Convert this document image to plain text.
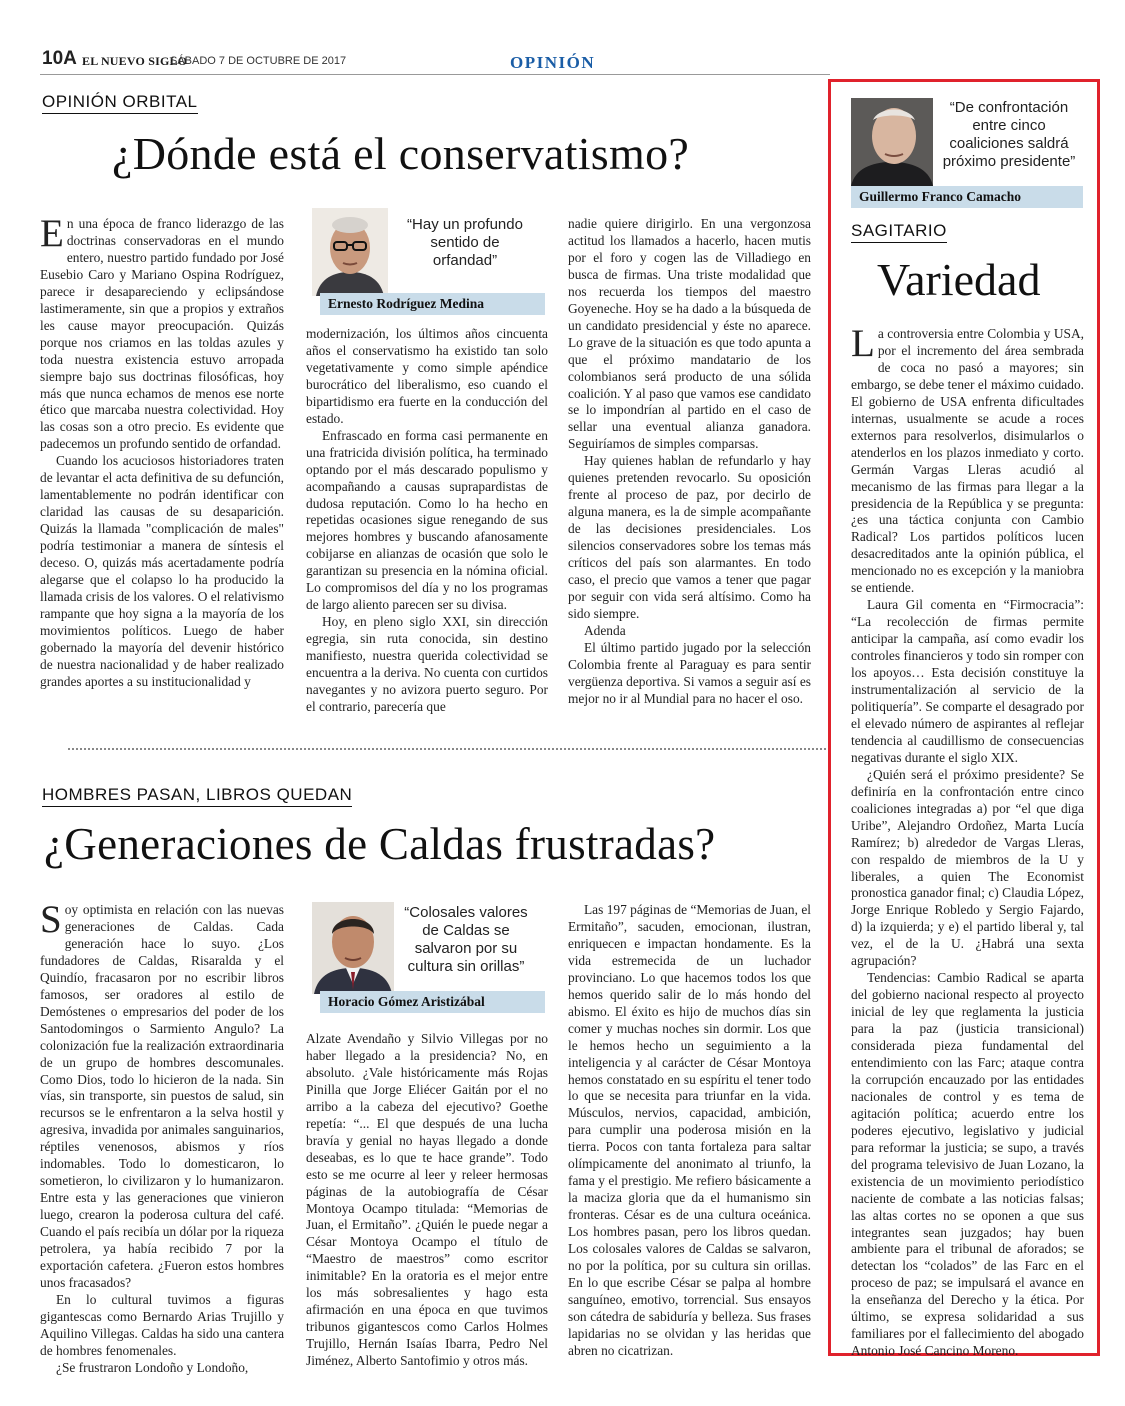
10A EL NUEVO SIGLO
SÁBADO 7 DE OCTUBRE DE 2017	OPINIÓN
OPINIÓN ORBITAL
¿Dónde está el conservatismo?

En una época de franco liderazgo de las doctrinas conservadoras en el mundo entero, nuestro partido fundado por José Eusebio Caro y Mariano Ospina Rodríguez, parece ir desapareciendo y eclipsándose lastimeramente, sin que a propios y extraños les cause mayor preocupación. Quizás porque nos criamos en las toldas azules y toda nuestra existencia estuvo arropada siempre bajo sus doctrinas filosóficas, hoy más que nunca echamos de menos ese norte ético que marcaba nuestra colectividad. Hoy las cosas son a otro precio. Es evidente que padecemos un profundo sentido de orfandad.

Cuando los acuciosos historiadores traten de levantar el acta definitiva de su defunción, lamentablemente no podrán identificar con claridad las causas de su desaparición. Quizás la llamada "complicación de males" podría testimoniar a manera de síntesis el deceso. O, quizás más acertadamente podría alegarse que el colapso lo ha producido la llamada crisis de los valores. O el relativismo rampante que hoy signa a la mayoría de los movimientos políticos. Luego de haber gobernado la mayoría del devenir histórico de nuestra nacionalidad y de haber realizado grandes aportes a su institucionalidad y

“Hay un profundo sentido de orfandad”
Ernesto Rodríguez Medina

modernización, los últimos años cincuenta años el conservatismo ha existido tan solo vegetativamente y como simple apéndice burocrático del liberalismo, eso cuando el bipartidismo era fuerte en la conducción del estado.

Enfrascado en forma casi permanente en una fratricida división política, ha terminado optando por el más descarado populismo y acompañando a causas suprapardistas de dudosa reputación. Como lo ha hecho en repetidas ocasiones sigue renegando de sus mejores hombres y buscando afanosamente cobijarse en alianzas de ocasión que solo le garantizan su presencia en la nómina oficial. Lo compromisos del día y no los programas de largo aliento parecen ser su divisa.

Hoy, en pleno siglo XXI, sin dirección egregia, sin ruta conocida, sin destino manifiesto, nuestra querida colectividad se encuentra a la deriva. No cuenta con curtidos navegantes y no avizora puerto seguro. Por el contrario, parecería que

nadie quiere dirigirlo. En una vergonzosa actitud los llamados a hacerlo, hacen mutis por el foro y cogen las de Villadiego en busca de firmas. Una triste modalidad que nos recuerda los tiempos del maestro Goyeneche. Hoy se ha dado a la búsqueda de un candidato presidencial y éste no aparece. Lo grave de la situación es que todo apunta a que el próximo mandatario de los colombianos será producto de una sólida coalición. Y al paso que vamos ese candidato se lo impondrían al partido en el caso de sellar una eventual alianza ganadora. Seguiríamos de simples comparsas.

Hay quienes hablan de refundarlo y hay quienes pretenden revocarlo. Su oposición frente al proceso de paz, por decirlo de alguna manera, es la de simple acompañante de las decisiones presidenciales. Los silencios conservadores sobre los temas más críticos del país son alarmantes. En todo caso, el precio que vamos a tener que pagar por seguir con vida será altísimo. Como ha sido siempre.

Adenda

El último partido jugado por la selección Colombia frente al Paraguay es para sentir vergüenza deportiva. Si vamos a seguir así es mejor no ir al Mundial para no hacer el oso.

HOMBRES PASAN, LIBROS QUEDAN
¿Generaciones de Caldas frustradas?

Soy optimista en relación con las nuevas generaciones de Caldas. Cada generación hace lo suyo. ¿Los fundadores de Caldas, Risaralda y el Quindío, fracasaron por no escribir libros famosos, ser oradores al estilo de Demóstenes o empresarios del poder de los Santodomingos o Sarmiento Angulo? La colonización fue la realización extraordinaria de un grupo de hombres descomunales. Como Dios, todo lo hicieron de la nada. Sin vías, sin transporte, sin puestos de salud, sin recursos se le enfrentaron a la selva hostil y agresiva, invadida por animales sanguinarios, réptiles venenosos, abismos y ríos indomables. Todo lo domesticaron, lo sometieron, lo civilizaron y lo humanizaron. Entre esta y las generaciones que vinieron luego, crearon la poderosa cultura del café. Cuando el país recibía un dólar por la riqueza petrolera, ya había recibido 7 por la exportación cafetera. ¿Fueron estos hombres unos fracasados?

En lo cultural tuvimos a figuras gigantescas como Bernardo Arias Trujillo y Aquilino Villegas. Caldas ha sido una cantera de hombres fenomenales.

¿Se frustraron Londoño y Londoño,

“Colosales valores de Caldas se salvaron por su cultura sin orillas”
Horacio Gómez Aristizábal

Alzate Avendaño y Silvio Villegas por no haber llegado a la presidencia? No, en absoluto. ¿Vale históricamente más Rojas Pinilla que Jorge Eliécer Gaitán por el no arribo a la cabeza del ejecutivo? Goethe repetía: “... El que después de una lucha bravía y genial no hayas llegado a donde deseabas, es lo que te hace grande”. Todo esto se me ocurre al leer y releer hermosas páginas de la autobiografía de César Montoya Ocampo titulada: “Memorias de Juan, el Ermitaño”. ¿Quién le puede negar a César Montoya Ocampo el título de “Maestro de maestros” como escritor inimitable? En la oratoria es el mejor entre los más sobresalientes y hago esta afirmación en una época en que tuvimos tribunos gigantescos como Carlos Holmes Trujillo, Hernán Isaías Ibarra, Pedro Nel Jiménez, Alberto Santofimio y otros más.

Las 197 páginas de “Memorias de Juan, el Ermitaño”, sacuden, emocionan, ilustran, enriquecen e impactan hondamente. Es la vida estremecida de un luchador provinciano. Lo que hacemos todos los que hemos querido salir de lo más hondo del abismo. El éxito es hijo de muchos días sin comer y muchas noches sin dormir. Los que le hemos hecho un seguimiento a la inteligencia y al carácter de César Montoya hemos constatado en su espíritu el tener todo lo que se necesita para triunfar en la vida. Músculos, nervios, capacidad, ambición, para cumplir una poderosa misión en la tierra. Pocos con tanta fortaleza para saltar olímpicamente del anonimato al triunfo, la fama y el prestigio. Me refiero básicamente a la maciza gloria que da el humanismo sin fronteras. César es de una cultura oceánica. Los hombres pasan, pero los libros quedan. Los colosales valores de Caldas se salvaron, no por la política, por su cultura sin orillas. En lo que escribe César se palpa al hombre sanguíneo, emotivo, torrencial. Sus ensayos son cátedra de sabiduría y belleza. Sus frases lapidarias no se olvidan y las heridas que abren no cicatrizan.

“De confrontación entre cinco coaliciones saldrá próximo presidente”
Guillermo Franco Camacho
SAGITARIO
Variedad

La controversia entre Colombia y USA, por el incremento del área sembrada de coca no pasó a mayores; sin embargo, se debe tener el máximo cuidado. El gobierno de USA enfrenta dificultades internas, usualmente se acude a roces externos para resolverlos, disimularlos o atenderlos en los plazos inmediato y corto. Germán Vargas Lleras acudió al mecanismo de las firmas para llegar a la presidencia de la República y se pregunta: ¿es una táctica conjunta con Cambio Radical? Los partidos políticos lucen desacreditados ante la opinión pública, el mencionado no es excepción y la maniobra se entiende.

Laura Gil comenta en “Firmocracia”: “La recolección de firmas permite anticipar la campaña, así como evadir los controles financieros y todo sin romper con los apoyos… Esta decisión constituye la instrumentalización al servicio de la politiquería”. Se comparte el desagrado por el elevado número de aspirantes al reflejar tendencia al caudillismo de consecuencias negativas durante el siglo XIX.

¿Quién será el próximo presidente? Se definiría en la confrontación entre cinco coaliciones integradas a) por “el que diga Uribe”, Alejandro Ordoñez, Marta Lucía Ramírez; b) alrededor de Vargas Lleras, con respaldo de miembros de la U y liberales, a quien The Economist pronostica ganador final; c) Claudia López, Jorge Enrique Robledo y Sergio Fajardo, d) la izquierda; y e) el partido liberal y, tal vez, el de la U. ¿Habrá una sexta agrupación?

Tendencias: Cambio Radical se aparta del gobierno nacional respecto al proyecto inicial de ley que reglamenta la justicia para la paz (justicia transicional) considerada pieza fundamental del entendimiento con las Farc; ataque contra la corrupción encauzado por las entidades nacionales de control y es tema de agitación política; acuerdo entre los poderes ejecutivo, legislativo y judicial para reformar la justicia; se supo, a través del programa televisivo de Juan Lozano, la existencia de un movimiento periodístico naciente de combate a las noticias falsas; las altas cortes no se oponen a que sus integrantes sean juzgados; hay buen ambiente para el tribunal de aforados; se detectan los “colados” de las Farc en el proceso de paz; se impulsará el avance en la enseñanza del Derecho y la ética. Por último, se expresa solidaridad a sus familiares por el fallecimiento del abogado Antonio José Cancino Moreno.
